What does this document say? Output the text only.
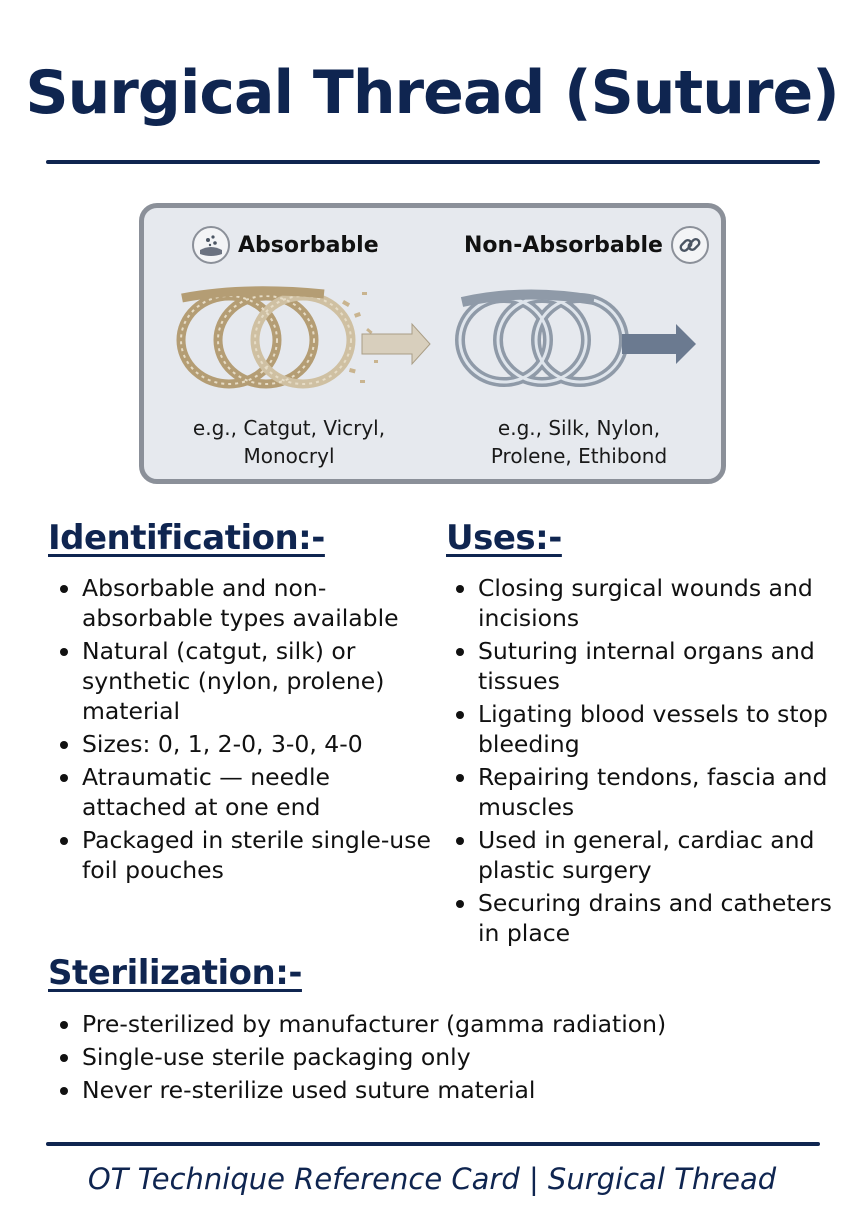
Surgical Thread (Suture)
Absorbable
e.g., Catgut, Vicryl,
Monocryl
Non-Absorbable
e.g., Silk, Nylon,
Prolene, Ethibond
Identification:-
Absorbable and non-absorbable types available
Natural (catgut, silk) or synthetic (nylon, prolene) material
Sizes: 0, 1, 2-0, 3-0, 4-0
Atraumatic — needle attached at one end
Packaged in sterile single-use foil pouches
Uses:-
Closing surgical wounds and incisions
Suturing internal organs and tissues
Ligating blood vessels to stop bleeding
Repairing tendons, fascia and muscles
Used in general, cardiac and plastic surgery
Securing drains and catheters in place
Sterilization:-
Pre-sterilized by manufacturer (gamma radiation)
Single-use sterile packaging only
Never re-sterilize used suture material
OT Technique Reference Card | Surgical Thread
